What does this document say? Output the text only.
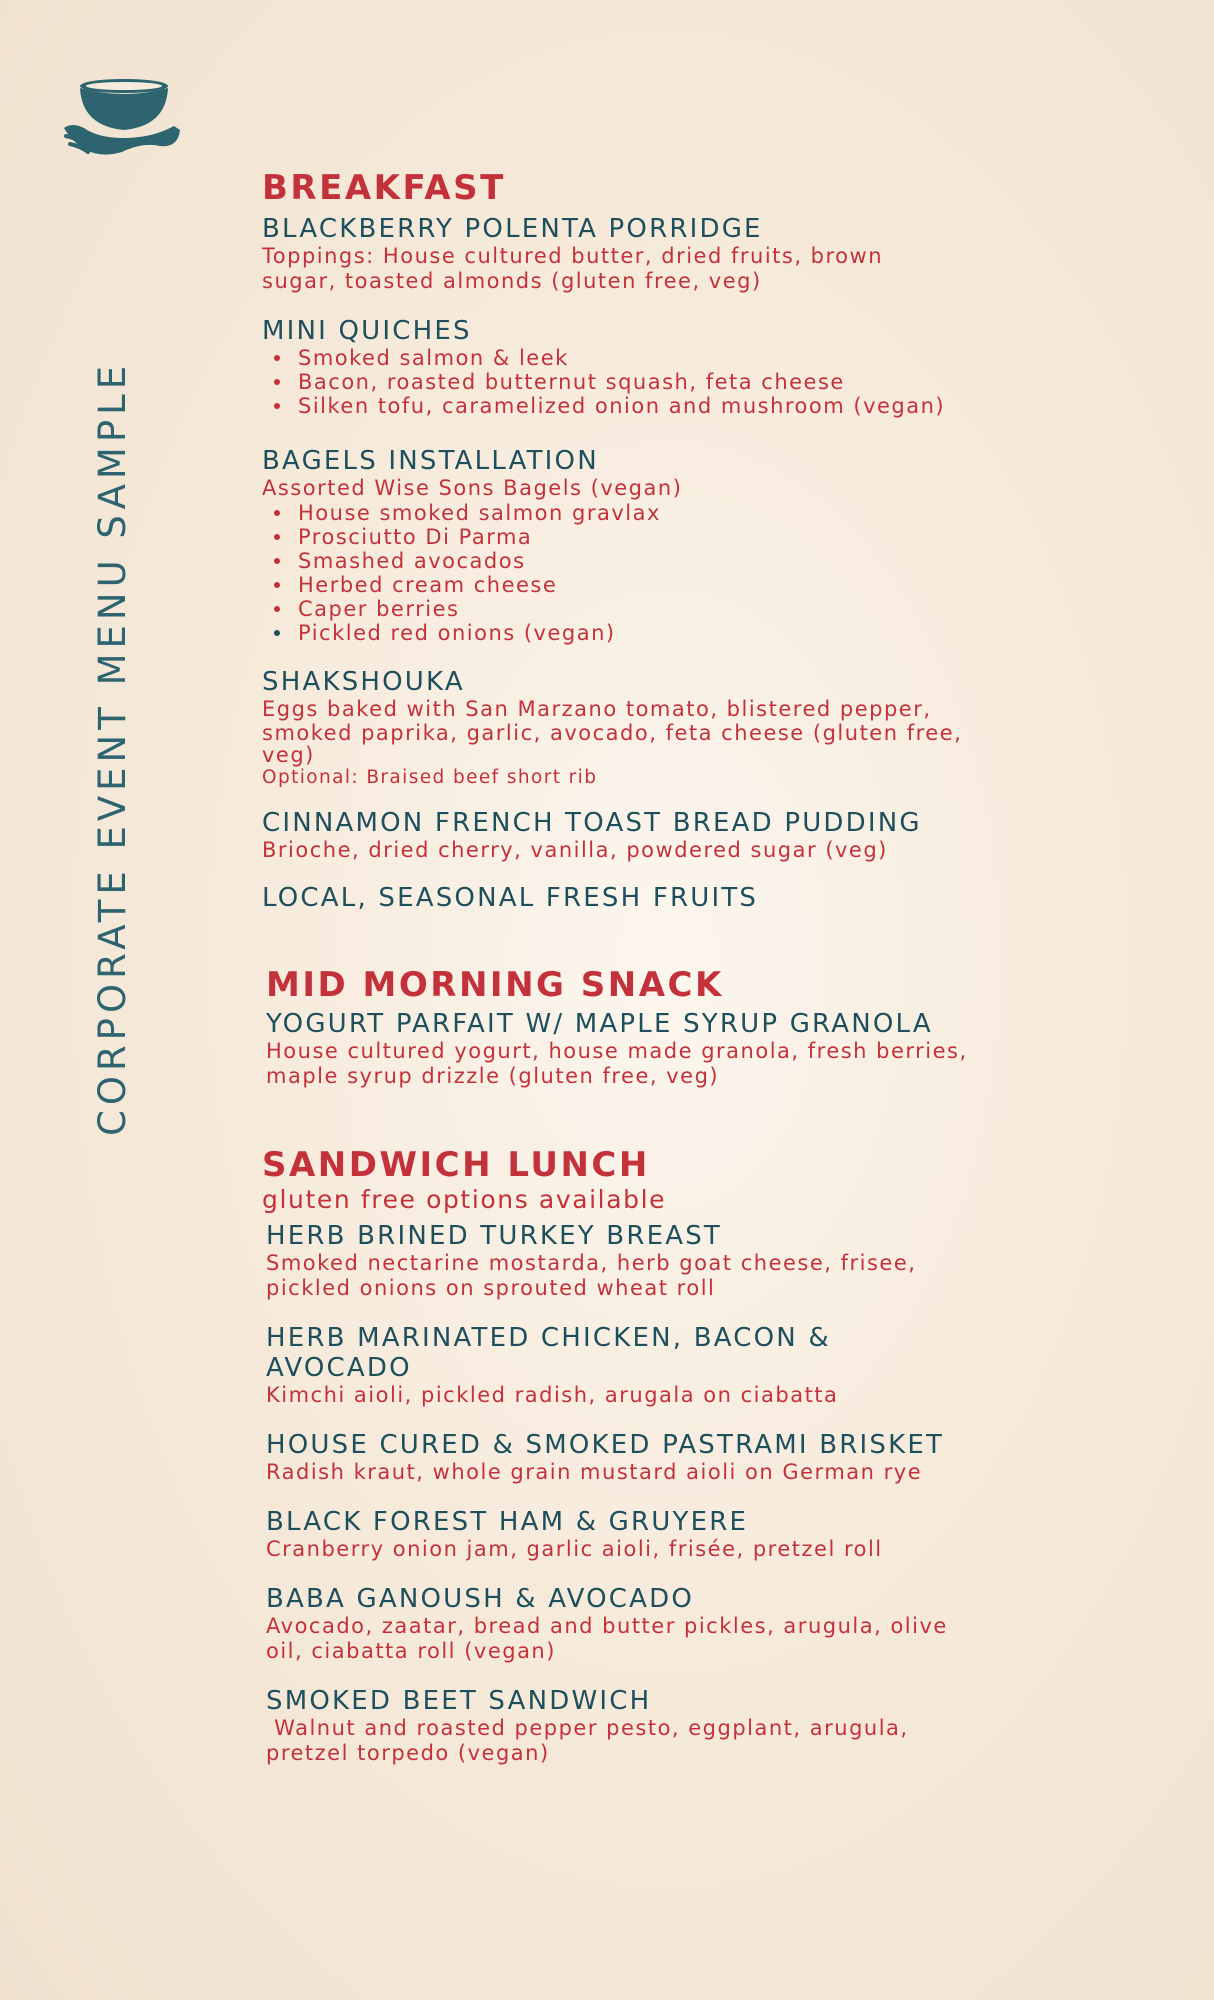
CORPORATE EVENT MENU SAMPLE
BREAKFAST

BLACKBERRY POLENTA PORRIDGE

Toppings: House cultured butter, dried fruits, brown

sugar, toasted almonds (gluten free, veg)

MINI QUICHES

Smoked salmon & leek
Bacon, roasted butternut squash, feta cheese
Silken tofu, caramelized onion and mushroom (vegan)

BAGELS INSTALLATION

Assorted Wise Sons Bagels (vegan)

House smoked salmon gravlax
Prosciutto Di Parma
Smashed avocados
Herbed cream cheese
Caper berries
Pickled red onions (vegan)

SHAKSHOUKA

Eggs baked with San Marzano tomato, blistered pepper,

smoked paprika, garlic, avocado, feta cheese (gluten free,

veg)

Optional: Braised beef short rib

CINNAMON FRENCH TOAST BREAD PUDDING

Brioche, dried cherry, vanilla, powdered sugar (veg)

LOCAL, SEASONAL FRESH FRUITS

MID MORNING SNACK

YOGURT PARFAIT W/ MAPLE SYRUP GRANOLA

House cultured yogurt, house made granola, fresh berries,

maple syrup drizzle (gluten free, veg)

SANDWICH LUNCH

gluten free options available

HERB BRINED TURKEY BREAST

Smoked nectarine mostarda, herb goat cheese, frisee,

pickled onions on sprouted wheat roll

HERB MARINATED CHICKEN, BACON &

AVOCADO

Kimchi aioli, pickled radish, arugala on ciabatta

HOUSE CURED & SMOKED PASTRAMI BRISKET

Radish kraut, whole grain mustard aioli on German rye

BLACK FOREST HAM & GRUYERE

Cranberry onion jam, garlic aioli, frisée, pretzel roll

BABA GANOUSH & AVOCADO

Avocado, zaatar, bread and butter pickles, arugula, olive

oil, ciabatta roll (vegan)

SMOKED BEET SANDWICH

Walnut and roasted pepper pesto, eggplant, arugula,

pretzel torpedo (vegan)
